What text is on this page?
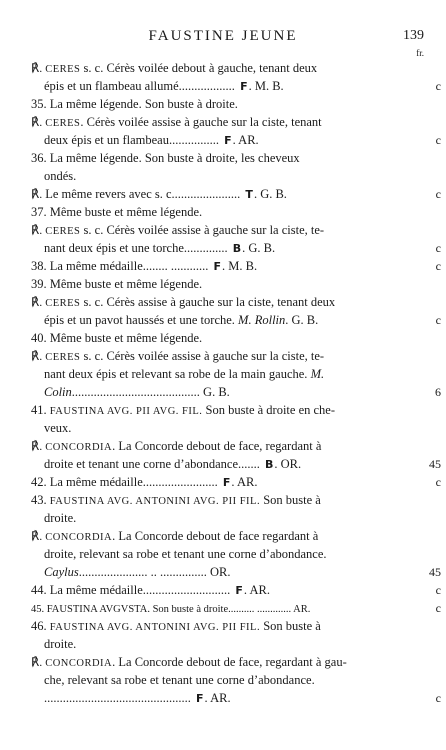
FAUSTINE JEUNE	139
fr.
℟. CERES s. c. Cérès voilée debout à gauche, tenant deux
épis et un flambeau allumé.................. F. M. B.	c
35. La même légende. Son buste à droite.
℟. CERES. Cérès voilée assise à gauche sur la ciste, tenant
deux épis et un flambeau................ F. AR.	c
36. La même légende. Son buste à droite, les cheveux
ondés.
℟. Le même revers avec s. c...................... T. G. B.	c
37. Même buste et même légende.
℟. CERES s. c. Cérès voilée assise à gauche sur la ciste, te-
nant deux épis et une torche.............. B. G. B.	c
38. La même médaille........ ............ F. M. B.	c
39. Même buste et même légende.
℟. CERES s. c. Cérès assise à gauche sur la ciste, tenant deux
épis et un pavot haussés et une torche. M. Rollin. G. B.	c
40. Même buste et même légende.
℟. CERES s. c. Cérès voilée assise à gauche sur la ciste, te-
nant deux épis et relevant sa robe de la main gauche. M.
Colin......................................... G. B.	6
41. FAUSTINA AVG. PII AVG. FIL. Son buste à droite en che-
veux.
℟. CONCORDIA. La Concorde debout de face, regardant à
droite et tenant une corne d’abondance....... B. OR.	45
42. La même médaille........................ F. AR.	c
43. FAUSTINA AVG. ANTONINI AVG. PII FIL. Son buste à
droite.
℟. CONCORDIA. La Concorde debout de face regardant à
droite, relevant sa robe et tenant une corne d’abondance.
Caylus...................... .. ............... OR.	45
44. La même médaille............................ F. AR.	c
45. FAUSTINA AVGVSTA. Son buste à droite.......... ............. AR.	c
46. FAUSTINA AVG. ANTONINI AVG. PII FIL. Son buste à
droite.
℟. CONCORDIA. La Concorde debout de face, regardant à gau-
che, relevant sa robe et tenant une corne d’abondance.
............................................... F. AR.	c
